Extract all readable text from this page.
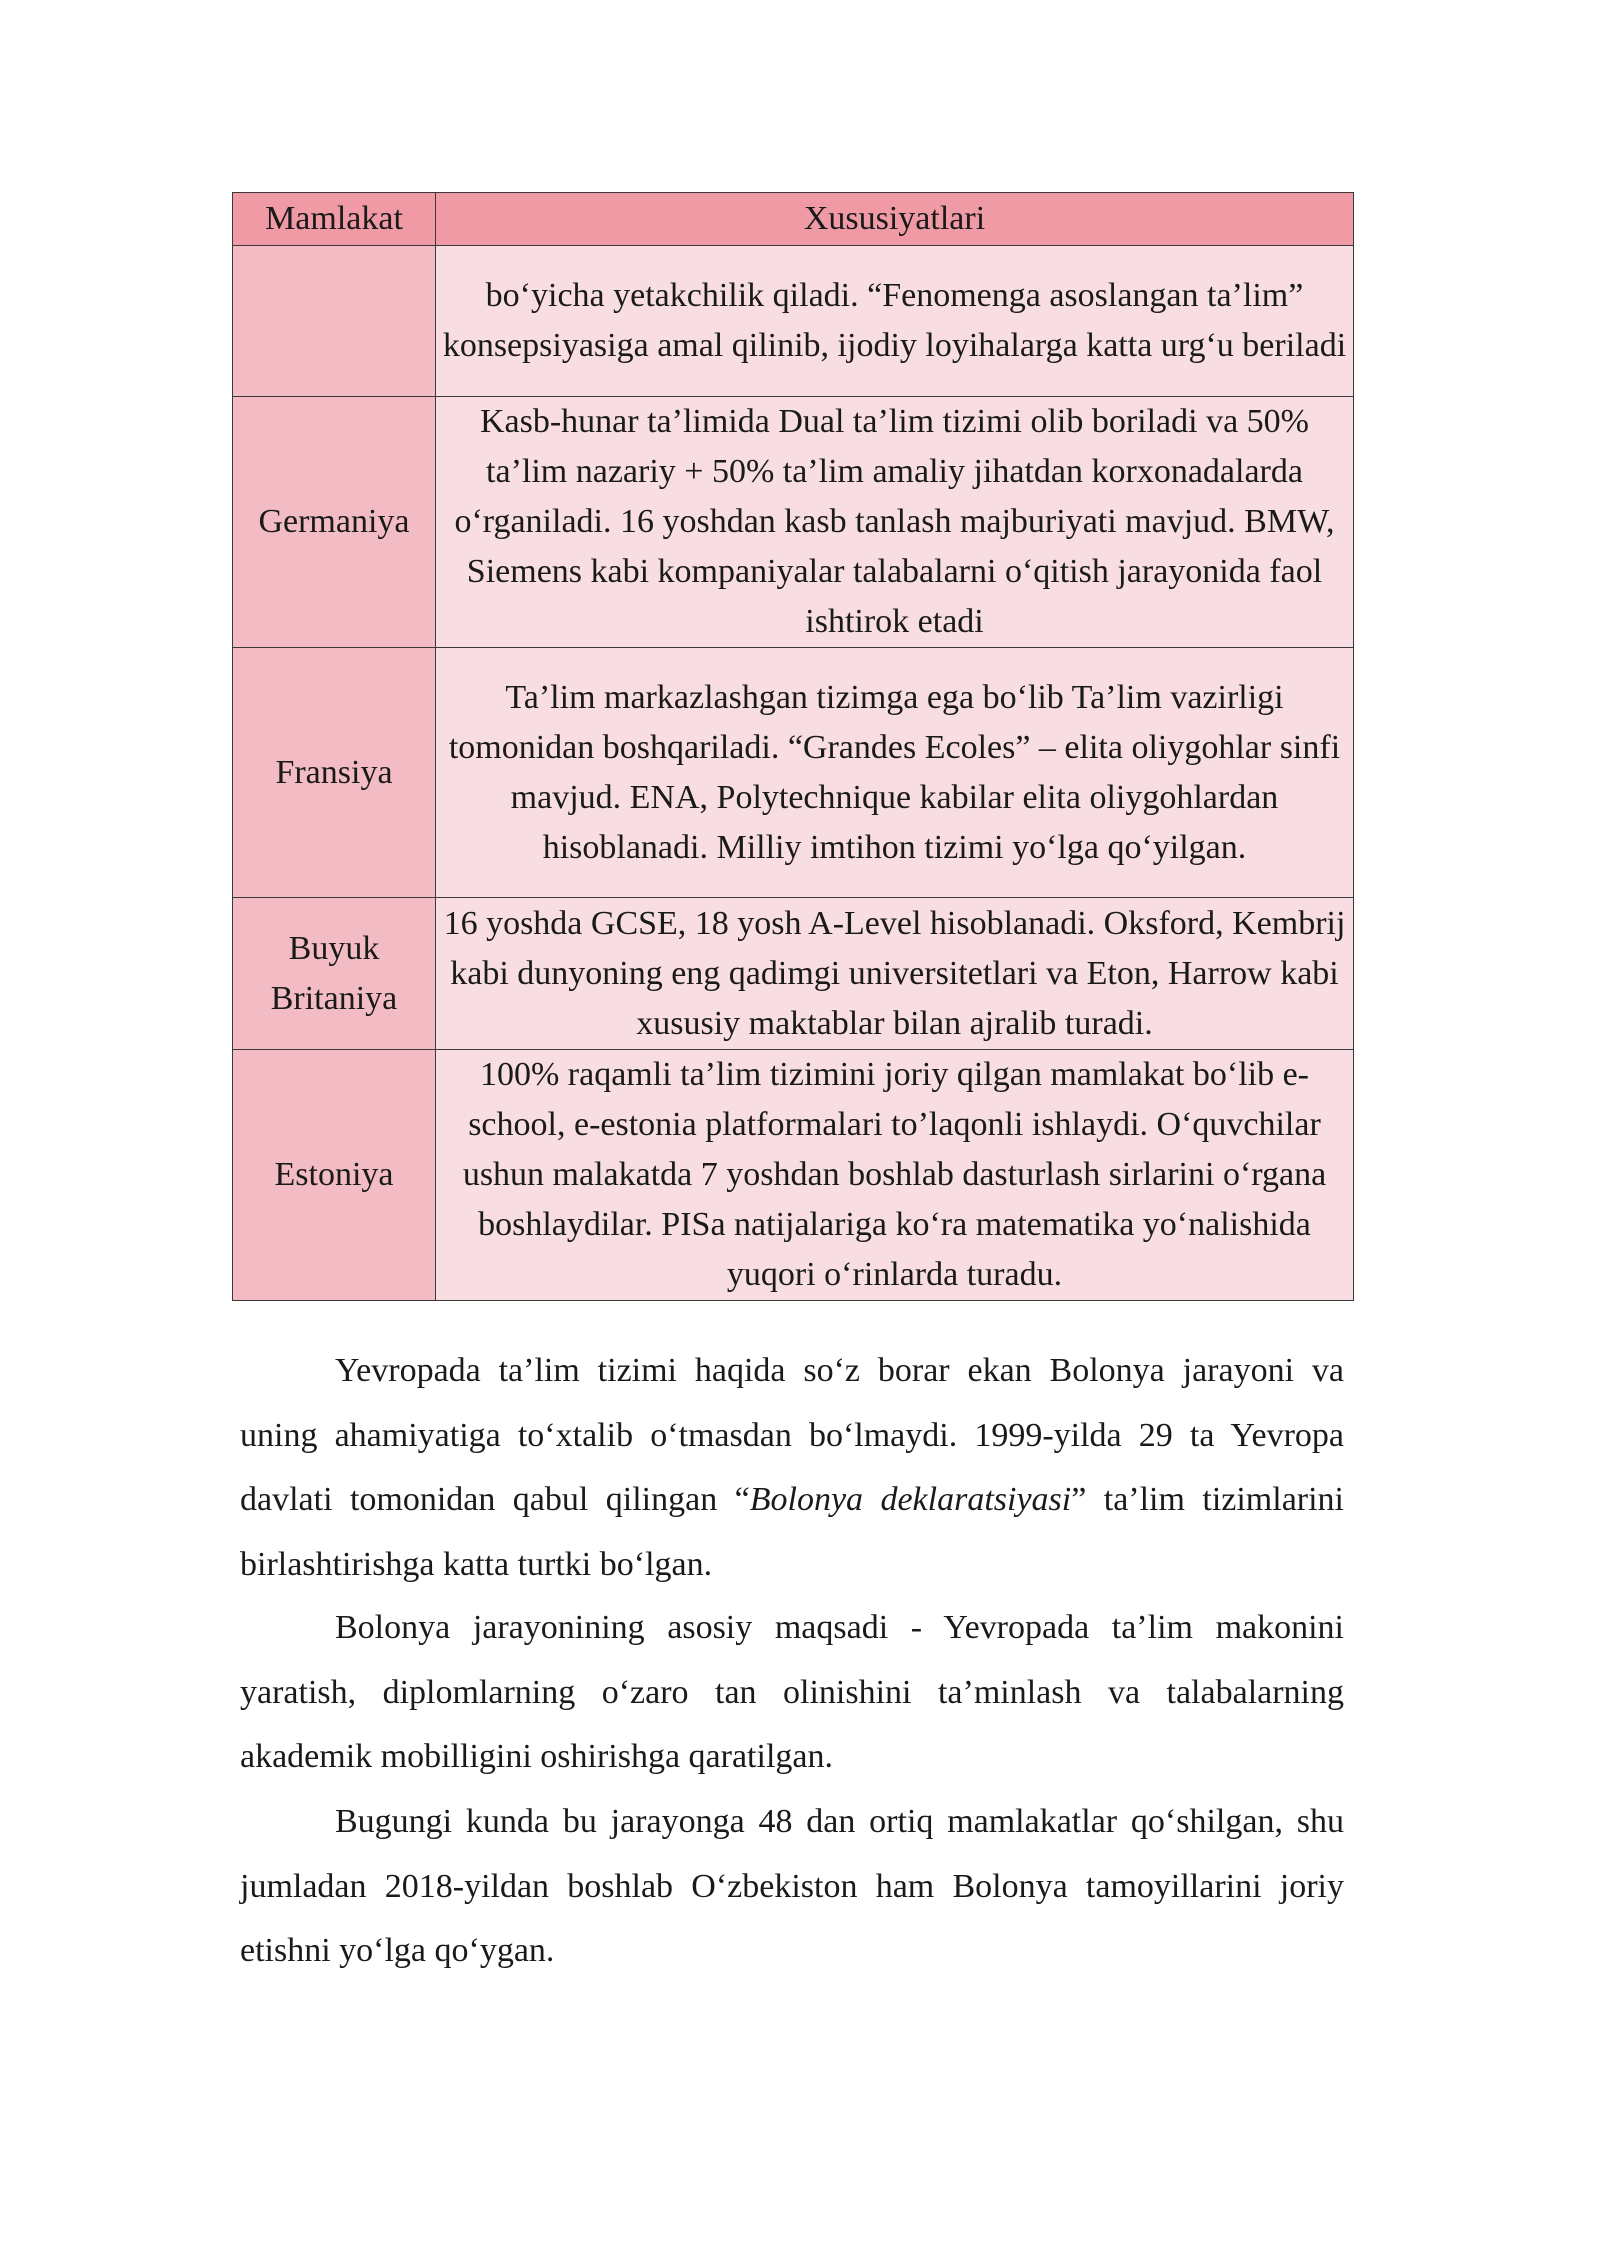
Mamlakat	Xususiyatlari
	bo‘yicha yetakchilik qiladi. “Fenomenga asoslangan ta’lim” konsepsiyasiga amal qilinib, ijodiy loyihalarga katta urg‘u beriladi
Germaniya	Kasb-hunar ta’limida Dual ta’lim tizimi olib boriladi va 50% ta’lim nazariy + 50% ta’lim amaliy jihatdan korxonadalarda o‘rganiladi. 16 yoshdan kasb tanlash majburiyati mavjud. BMW, Siemens kabi kompaniyalar talabalarni o‘qitish jarayonida faol ishtirok etadi
Fransiya	Ta’lim markazlashgan tizimga ega bo‘lib Ta’lim vazirligi tomonidan boshqariladi. “Grandes Ecoles” – elita oliygohlar sinfi mavjud. ENA, Polytechnique kabilar elita oliygohlardan hisoblanadi. Milliy imtihon tizimi yo‘lga qo‘yilgan.
Buyuk Britaniya	16 yoshda GCSE, 18 yosh A-Level hisoblanadi. Oksford, Kembrij kabi dunyoning eng qadimgi universitetlari va Eton, Harrow kabi xususiy maktablar bilan ajralib turadi.
Estoniya	100% raqamli ta’lim tizimini joriy qilgan mamlakat bo‘lib e-school, e-estonia platformalari to’laqonli ishlaydi. O‘quvchilar ushun malakatda 7 yoshdan boshlab dasturlash sirlarini o‘rgana boshlaydilar. PISa natijalariga ko‘ra matematika yo‘nalishida yuqori o‘rinlarda turadu.

Yevropada ta’lim tizimi haqida so‘z borar ekan Bolonya jarayoni va uning ahamiyatiga to‘xtalib o‘tmasdan bo‘lmaydi. 1999-yilda 29 ta Yevropa davlati tomonidan qabul qilingan “Bolonya deklaratsiyasi” ta’lim tizimlarini birlashtirishga katta turtki bo‘lgan.

Bolonya jarayonining asosiy maqsadi - Yevropada ta’lim makonini yaratish, diplomlarning o‘zaro tan olinishini ta’minlash va talabalarning akademik mobilligini oshirishga qaratilgan.

Bugungi kunda bu jarayonga 48 dan ortiq mamlakatlar qo‘shilgan, shu jumladan 2018-yildan boshlab O‘zbekiston ham Bolonya tamoyillarini joriy etishni yo‘lga qo‘ygan.
